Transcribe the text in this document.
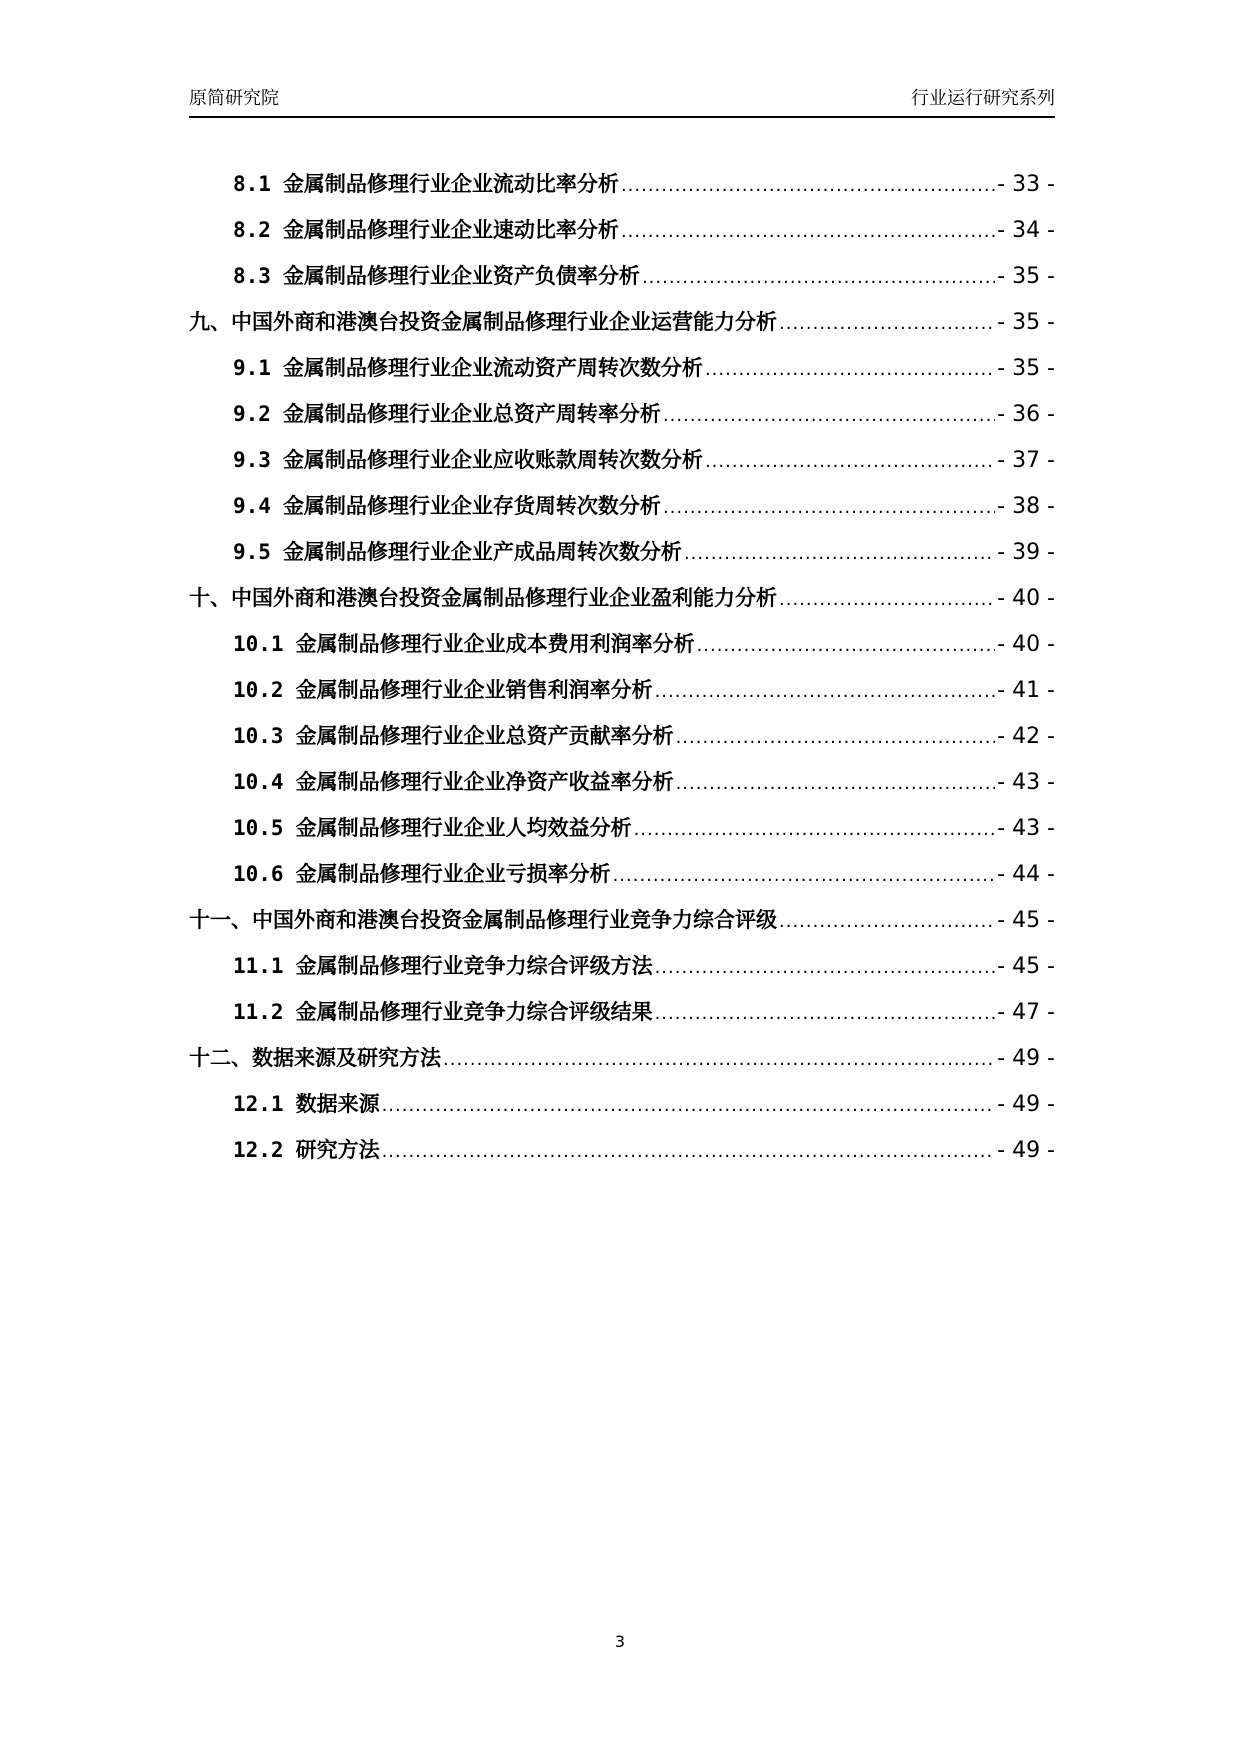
原简研究院	行业运行研究系列
8.1 金属制品修理行业企业流动比率分析 .....	- 33 -
8.2 金属制品修理行业企业速动比率分析 .....	- 34 -
8.3 金属制品修理行业企业资产负债率分析 .....	- 35 -
九、中国外商和港澳台投资金属制品修理行业企业运营能力分析 .....	- 35 -
9.1 金属制品修理行业企业流动资产周转次数分析 .....	- 35 -
9.2 金属制品修理行业企业总资产周转率分析 .....	- 36 -
9.3 金属制品修理行业企业应收账款周转次数分析 .....	- 37 -
9.4 金属制品修理行业企业存货周转次数分析 .....	- 38 -
9.5 金属制品修理行业企业产成品周转次数分析 .....	- 39 -
十、中国外商和港澳台投资金属制品修理行业企业盈利能力分析 .....	- 40 -
10.1 金属制品修理行业企业成本费用利润率分析 .....	- 40 -
10.2 金属制品修理行业企业销售利润率分析 .....	- 41 -
10.3 金属制品修理行业企业总资产贡献率分析 .....	- 42 -
10.4 金属制品修理行业企业净资产收益率分析 .....	- 43 -
10.5 金属制品修理行业企业人均效益分析 .....	- 43 -
10.6 金属制品修理行业企业亏损率分析 .....	- 44 -
十一、中国外商和港澳台投资金属制品修理行业竞争力综合评级 .....	- 45 -
11.1 金属制品修理行业竞争力综合评级方法 .....	- 45 -
11.2 金属制品修理行业竞争力综合评级结果 .....	- 47 -
十二、数据来源及研究方法 .....	- 49 -
12.1 数据来源 .....	- 49 -
12.2 研究方法 .....	- 49 -
3
